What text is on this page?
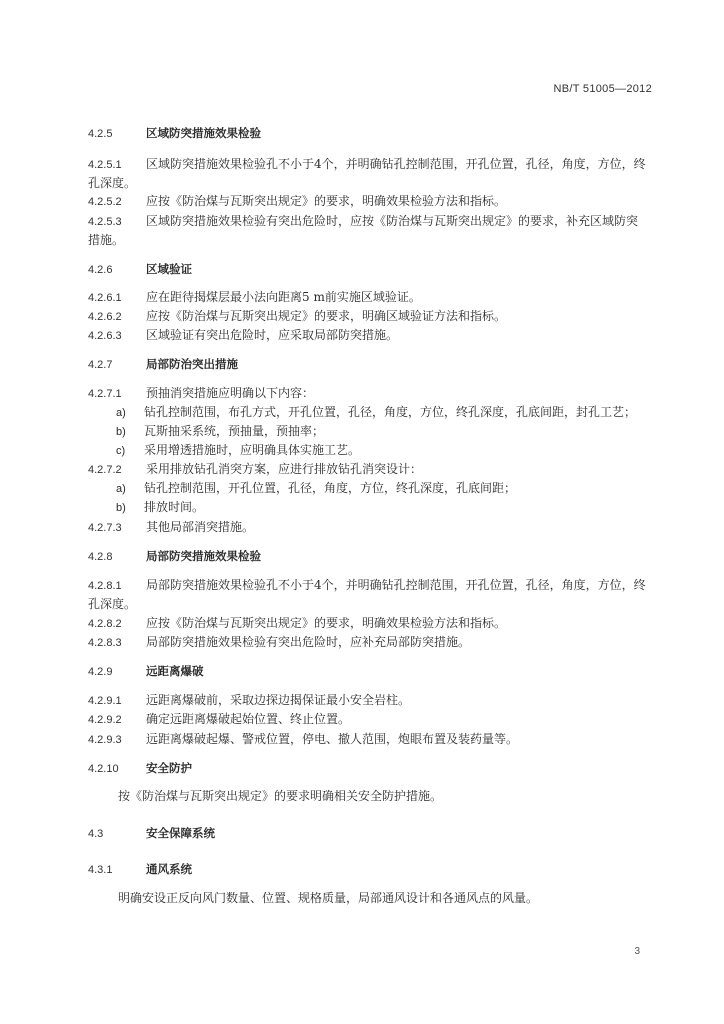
NB/T 51005—2012
4.2.5	区域防突措施效果检验
4.2.5.1 区域防突措施效果检验孔不小于4个，并明确钻孔控制范围，开孔位置，孔径，角度，方位，终
孔深度。
4.2.5.2 应按《防治煤与瓦斯突出规定》的要求，明确效果检验方法和指标。
4.2.5.3 区域防突措施效果检验有突出危险时，应按《防治煤与瓦斯突出规定》的要求，补充区域防突
措施。
4.2.6	区域验证
4.2.6.1 应在距待揭煤层最小法向距离5 m前实施区域验证。
4.2.6.2 应按《防治煤与瓦斯突出规定》的要求，明确区域验证方法和指标。
4.2.6.3 区域验证有突出危险时，应采取局部防突措施。
4.2.7	局部防治突出措施
4.2.7.1 预抽消突措施应明确以下内容：
a) 钻孔控制范围，布孔方式，开孔位置，孔径，角度，方位，终孔深度，孔底间距，封孔工艺；
b) 瓦斯抽采系统，预抽量，预抽率；
c) 采用增透措施时，应明确具体实施工艺。
4.2.7.2 采用排放钻孔消突方案，应进行排放钻孔消突设计：
a) 钻孔控制范围，开孔位置，孔径，角度，方位，终孔深度，孔底间距；
b) 排放时间。
4.2.7.3 其他局部消突措施。
4.2.8	局部防突措施效果检验
4.2.8.1 局部防突措施效果检验孔不小于4个，并明确钻孔控制范围，开孔位置，孔径，角度，方位，终
孔深度。
4.2.8.2 应按《防治煤与瓦斯突出规定》的要求，明确效果检验方法和指标。
4.2.8.3 局部防突措施效果检验有突出危险时，应补充局部防突措施。
4.2.9	远距离爆破
4.2.9.1 远距离爆破前，采取边探边揭保证最小安全岩柱。
4.2.9.2 确定远距离爆破起始位置、终止位置。
4.2.9.3 远距离爆破起爆、警戒位置，停电、撤人范围，炮眼布置及装药量等。
4.2.10 安全防护
按《防治煤与瓦斯突出规定》的要求明确相关安全防护措施。
4.3	安全保障系统
4.3.1	通风系统
明确安设正反向风门数量、位置、规格质量，局部通风设计和各通风点的风量。
3
